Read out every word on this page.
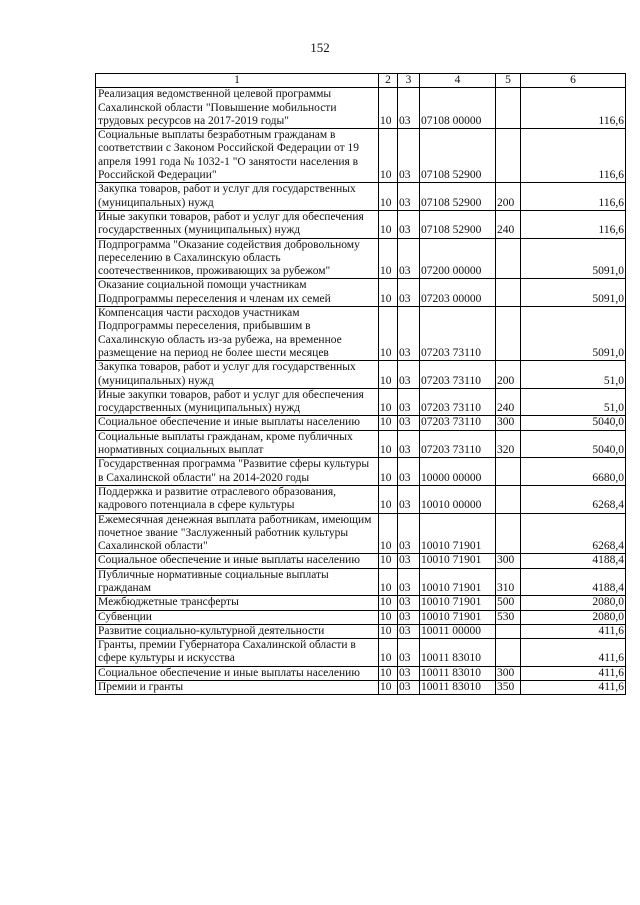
152
1	2	3	4	5	6
Реализация ведомственной целевой программы Сахалинской области "Повышение мобильности трудовых ресурсов на 2017-2019 годы"	10	03	07108 00000		116,6
Социальные выплаты безработным гражданам в соответствии с Законом Российской Федерации от 19 апреля 1991 года № 1032-1 "О занятости населения в Российской Федерации"	10	03	07108 52900		116,6
Закупка товаров, работ и услуг для государственных (муниципальных) нужд	10	03	07108 52900	200	116,6
Иные закупки товаров, работ и услуг для обеспечения государственных (муниципальных) нужд	10	03	07108 52900	240	116,6
Подпрограмма "Оказание содействия добровольному переселению в Сахалинскую область соотечественников, проживающих за рубежом"	10	03	07200 00000		5091,0
Оказание социальной помощи участникам Подпрограммы переселения и членам их семей	10	03	07203 00000		5091,0
Компенсация части расходов участникам Подпрограммы переселения, прибывшим в Сахалинскую область из-за рубежа, на временное размещение на период не более шести месяцев	10	03	07203 73110		5091,0
Закупка товаров, работ и услуг для государственных (муниципальных) нужд	10	03	07203 73110	200	51,0
Иные закупки товаров, работ и услуг для обеспечения государственных (муниципальных) нужд	10	03	07203 73110	240	51,0
Социальное обеспечение и иные выплаты населению	10	03	07203 73110	300	5040,0
Социальные выплаты гражданам, кроме публичных нормативных социальных выплат	10	03	07203 73110	320	5040,0
Государственная программа "Развитие сферы культуры в Сахалинской области" на 2014-2020 годы	10	03	10000 00000		6680,0
Поддержка и развитие отраслевого образования, кадрового потенциала в сфере культуры	10	03	10010 00000		6268,4
Ежемесячная денежная выплата работникам, имеющим почетное звание "Заслуженный работник культуры Сахалинской области"	10	03	10010 71901		6268,4
Социальное обеспечение и иные выплаты населению	10	03	10010 71901	300	4188,4
Публичные нормативные социальные выплаты гражданам	10	03	10010 71901	310	4188,4
Межбюджетные трансферты	10	03	10010 71901	500	2080,0
Субвенции	10	03	10010 71901	530	2080,0
Развитие социально-культурной деятельности	10	03	10011 00000		411,6
Гранты, премии Губернатора Сахалинской области в сфере культуры и искусства	10	03	10011 83010		411,6
Социальное обеспечение и иные выплаты населению	10	03	10011 83010	300	411,6
Премии и гранты	10	03	10011 83010	350	411,6
